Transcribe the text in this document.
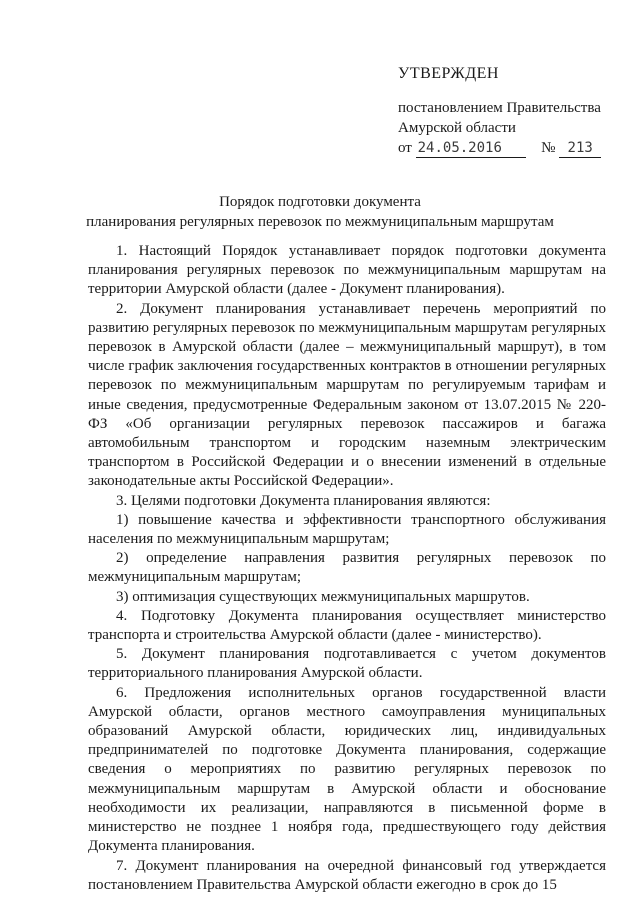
УТВЕРЖДЕН
постановлением Правительства
Амурской области
от 24.05.2016	№ 213
Порядок подготовки документа
планирования регулярных перевозок по межмуниципальным маршрутам

1. Настоящий Порядок устанавливает порядок подготовки документа планирования регулярных перевозок по межмуниципальным маршрутам на территории Амурской области (далее - Документ планирования).

2. Документ планирования устанавливает перечень мероприятий по развитию регулярных перевозок по межмуниципальным маршрутам регулярных перевозок в Амурской области (далее – межмуниципальный маршрут), в том числе график заключения государственных контрактов в отношении регулярных перевозок по межмуниципальным маршрутам по регулируемым тарифам и иные сведения, предусмотренные Федеральным законом от 13.07.2015 № 220-ФЗ «Об организации регулярных перевозок пассажиров и багажа автомобильным транспортом и городским наземным электрическим транспортом в Российской Федерации и о внесении изменений в отдельные законодательные акты Российской Федерации».

3. Целями подготовки Документа планирования являются:

1) повышение качества и эффективности транспортного обслуживания населения по межмуниципальным маршрутам;

2) определение направления развития регулярных перевозок по межмуниципальным маршрутам;

3) оптимизация существующих межмуниципальных маршрутов.

4. Подготовку Документа планирования осуществляет министерство транспорта и строительства Амурской области (далее - министерство).

5. Документ планирования подготавливается с учетом документов территориального планирования Амурской области.

6. Предложения исполнительных органов государственной власти Амурской области, органов местного самоуправления муниципальных образований Амурской области, юридических лиц, индивидуальных предпринимателей по подготовке Документа планирования, содержащие сведения о мероприятиях по развитию регулярных перевозок по межмуниципальным маршрутам в Амурской области и обоснование необходимости их реализации, направляются в письменной форме в министерство не позднее 1 ноября года, предшествующего году действия Документа планирования.

7. Документ планирования на очередной финансовый год утверждается постановлением Правительства Амурской области ежегодно в срок до 15
